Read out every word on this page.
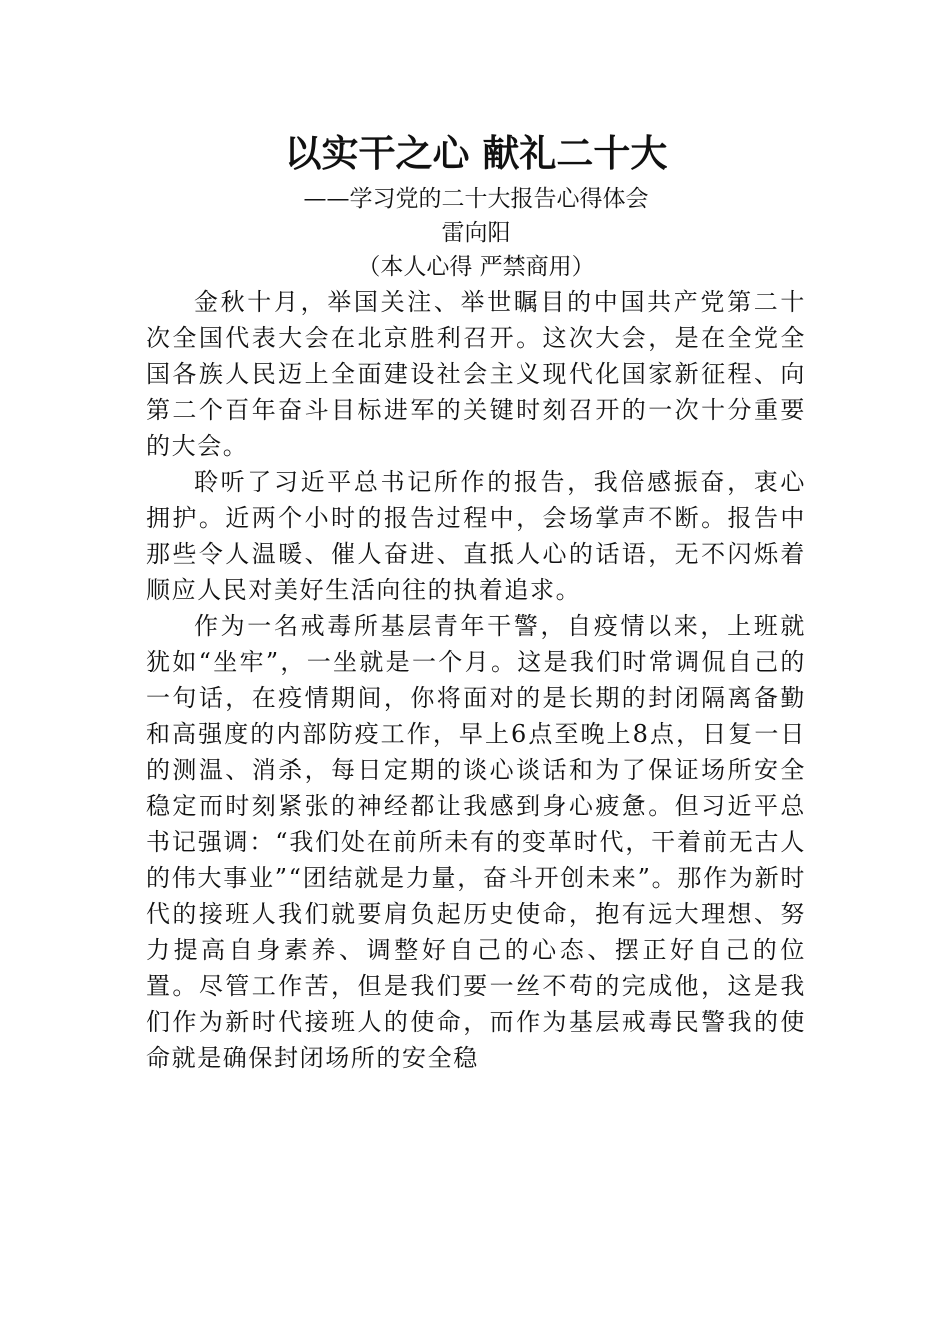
以实干之心 献礼二十大

——学习党的二十大报告心得体会

雷向阳

（本人心得 严禁商用）

金秋十月，举国关注、举世瞩目的中国共产党第二十次全国代表大会在北京胜利召开。这次大会，是在全党全国各族人民迈上全面建设社会主义现代化国家新征程、向第二个百年奋斗目标进军的关键时刻召开的一次十分重要的大会。

聆听了习近平总书记所作的报告，我倍感振奋，衷心拥护。近两个小时的报告过程中，会场掌声不断。报告中那些令人温暖、催人奋进、直抵人心的话语，无不闪烁着顺应人民对美好生活向往的执着追求。

作为一名戒毒所基层青年干警，自疫情以来，上班就犹如“坐牢”，一坐就是一个月。这是我们时常调侃自己的一句话，在疫情期间，你将面对的是长期的封闭隔离备勤和高强度的内部防疫工作，早上6点至晚上8点，日复一日的测温、消杀，每日定期的谈心谈话和为了保证场所安全稳定而时刻紧张的神经都让我感到身心疲惫。但习近平总书记强调：“我们处在前所未有的变革时代，干着前无古人的伟大事业”“团结就是力量，奋斗开创未来”。那作为新时代的接班人我们就要肩负起历史使命，抱有远大理想、努力提高自身素养、调整好自己的心态、摆正好自己的位置。尽管工作苦，但是我们要一丝不苟的完成他，这是我们作为新时代接班人的使命，而作为基层戒毒民警我的使命就是确保封闭场所的安全稳
